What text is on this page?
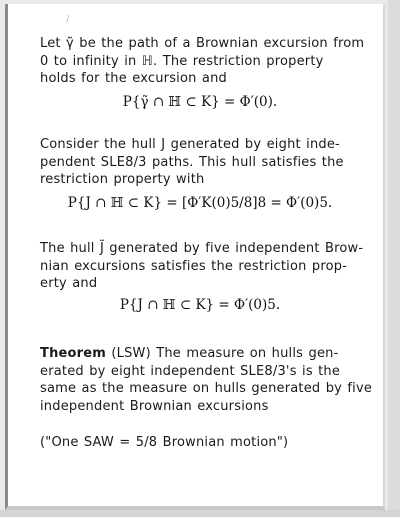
/
Let γ̃ be the path of a Brownian excursion from
0 to infinity in ℍ. The restriction property
holds for the excursion and
P{γ̃ ∩ ℍ ⊂ K} = Φ′(0).
Consider the hull J generated by eight inde-
pendent SLE8/3 paths. This hull satisfies the
restriction property with
P{J ∩ ℍ ⊂ K} = [Φ′K(0)5/8]8 = Φ′(0)5.
The hull J̃ generated by five independent Brow-
nian excursions satisfies the restriction prop-
erty and
P{J ∩ ℍ ⊂ K} = Φ′(0)5.
Theorem (LSW) The measure on hulls gen-
erated by eight independent SLE8/3's is the
same as the measure on hulls generated by five
independent Brownian excursions
("One SAW = 5/8 Brownian motion")
